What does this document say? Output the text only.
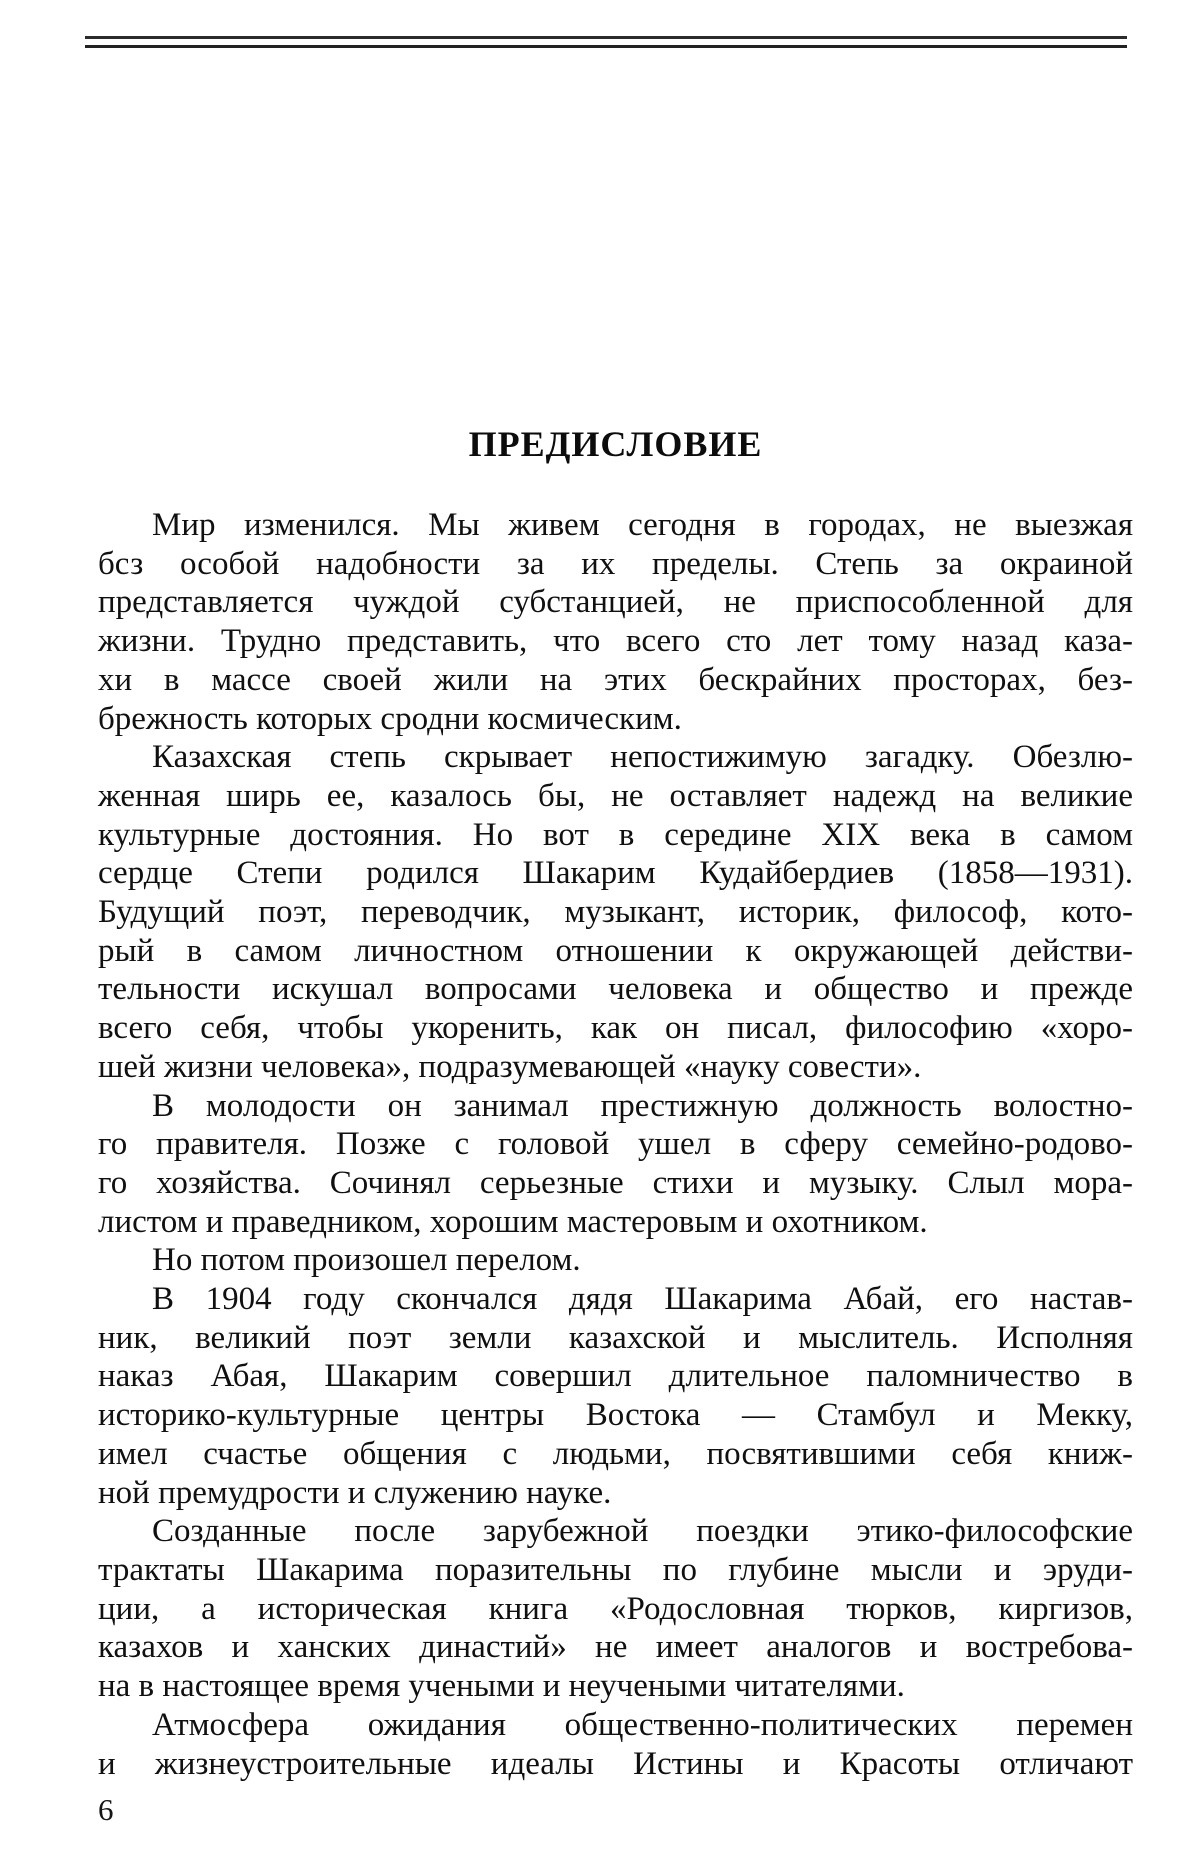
ПРЕДИСЛОВИЕ
Мир изменился. Мы живем сегодня в городах, не выезжая
бсз особой надобности за их пределы. Степь за окраиной
представляется чуждой субстанцией, не приспособленной для
жизни. Трудно представить, что всего сто лет тому назад каза-
хи в массе своей жили на этих бескрайних просторах, без-
брежность которых сродни космическим.
Казахская степь скрывает непостижимую загадку. Обезлю-
женная ширь ее, казалось бы, не оставляет надежд на великие
культурные достояния. Но вот в середине XIX века в самом
сердце Степи родился Шакарим Кудайбердиев (1858—1931).
Будущий поэт, переводчик, музыкант, историк, философ, кото-
рый в самом личностном отношении к окружающей действи-
тельности искушал вопросами человека и общество и прежде
всего себя, чтобы укоренить, как он писал, философию «хоро-
шей жизни человека», подразумевающей «науку совести».
В молодости он занимал престижную должность волостно-
го правителя. Позже с головой ушел в сферу семейно-родово-
го хозяйства. Сочинял серьезные стихи и музыку. Слыл мора-
листом и праведником, хорошим мастеровым и охотником.
Но потом произошел перелом.
В 1904 году скончался дядя Шакарима Абай, его настав-
ник, великий поэт земли казахской и мыслитель. Исполняя
наказ Абая, Шакарим совершил длительное паломничество в
историко-культурные центры Востока — Стамбул и Мекку,
имел счастье общения с людьми, посвятившими себя книж-
ной премудрости и служению науке.
Созданные после зарубежной поездки этико-философские
трактаты Шакарима поразительны по глубине мысли и эруди-
ции, а историческая книга «Родословная тюрков, киргизов,
казахов и ханских династий» не имеет аналогов и востребова-
на в настоящее время учеными и неучеными читателями.
Атмосфера ожидания общественно-политических перемен
и жизнеустроительные идеалы Истины и Красоты отличают
6
